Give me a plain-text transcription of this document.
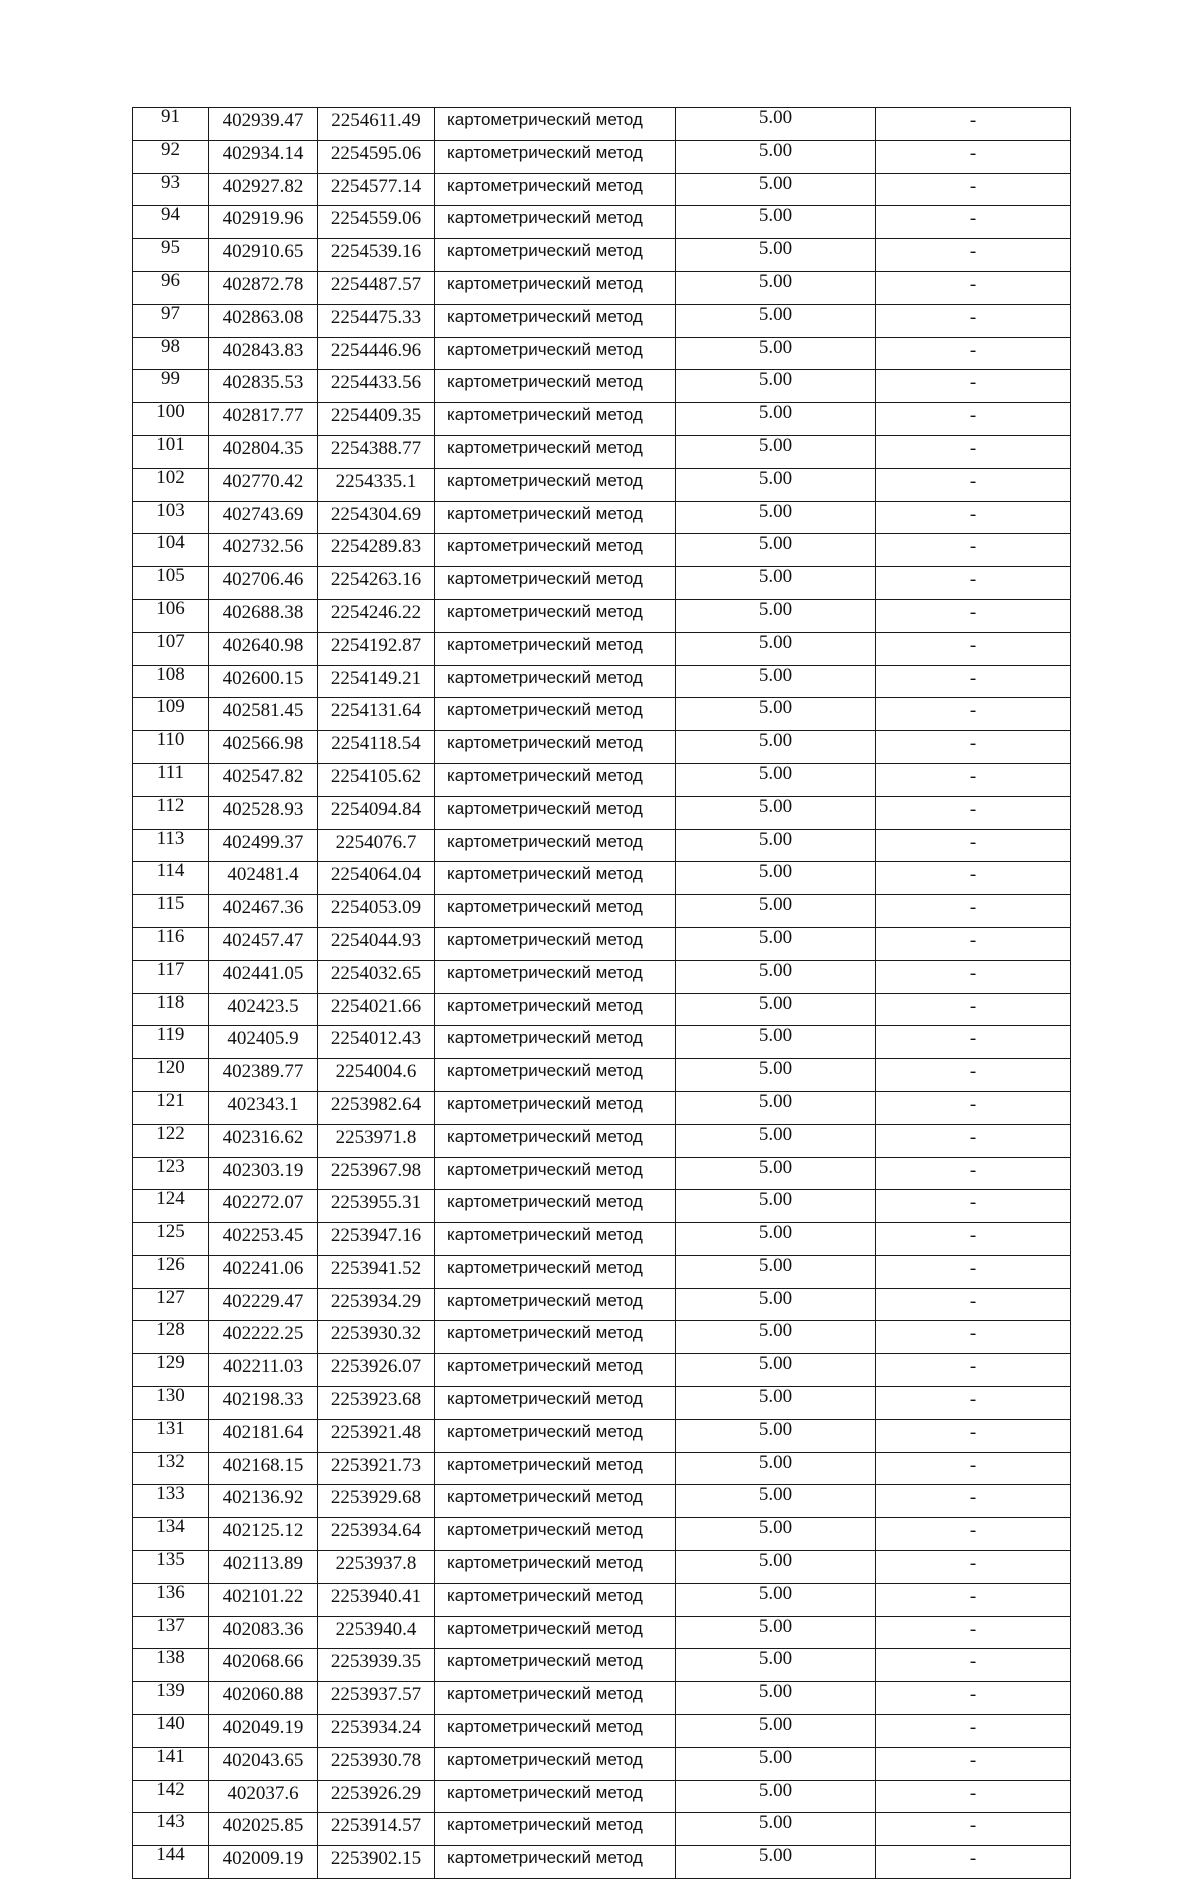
91	402939.47	2254611.49	картометрический метод	5.00	-
92	402934.14	2254595.06	картометрический метод	5.00	-
93	402927.82	2254577.14	картометрический метод	5.00	-
94	402919.96	2254559.06	картометрический метод	5.00	-
95	402910.65	2254539.16	картометрический метод	5.00	-
96	402872.78	2254487.57	картометрический метод	5.00	-
97	402863.08	2254475.33	картометрический метод	5.00	-
98	402843.83	2254446.96	картометрический метод	5.00	-
99	402835.53	2254433.56	картометрический метод	5.00	-
100	402817.77	2254409.35	картометрический метод	5.00	-
101	402804.35	2254388.77	картометрический метод	5.00	-
102	402770.42	2254335.1	картометрический метод	5.00	-
103	402743.69	2254304.69	картометрический метод	5.00	-
104	402732.56	2254289.83	картометрический метод	5.00	-
105	402706.46	2254263.16	картометрический метод	5.00	-
106	402688.38	2254246.22	картометрический метод	5.00	-
107	402640.98	2254192.87	картометрический метод	5.00	-
108	402600.15	2254149.21	картометрический метод	5.00	-
109	402581.45	2254131.64	картометрический метод	5.00	-
110	402566.98	2254118.54	картометрический метод	5.00	-
111	402547.82	2254105.62	картометрический метод	5.00	-
112	402528.93	2254094.84	картометрический метод	5.00	-
113	402499.37	2254076.7	картометрический метод	5.00	-
114	402481.4	2254064.04	картометрический метод	5.00	-
115	402467.36	2254053.09	картометрический метод	5.00	-
116	402457.47	2254044.93	картометрический метод	5.00	-
117	402441.05	2254032.65	картометрический метод	5.00	-
118	402423.5	2254021.66	картометрический метод	5.00	-
119	402405.9	2254012.43	картометрический метод	5.00	-
120	402389.77	2254004.6	картометрический метод	5.00	-
121	402343.1	2253982.64	картометрический метод	5.00	-
122	402316.62	2253971.8	картометрический метод	5.00	-
123	402303.19	2253967.98	картометрический метод	5.00	-
124	402272.07	2253955.31	картометрический метод	5.00	-
125	402253.45	2253947.16	картометрический метод	5.00	-
126	402241.06	2253941.52	картометрический метод	5.00	-
127	402229.47	2253934.29	картометрический метод	5.00	-
128	402222.25	2253930.32	картометрический метод	5.00	-
129	402211.03	2253926.07	картометрический метод	5.00	-
130	402198.33	2253923.68	картометрический метод	5.00	-
131	402181.64	2253921.48	картометрический метод	5.00	-
132	402168.15	2253921.73	картометрический метод	5.00	-
133	402136.92	2253929.68	картометрический метод	5.00	-
134	402125.12	2253934.64	картометрический метод	5.00	-
135	402113.89	2253937.8	картометрический метод	5.00	-
136	402101.22	2253940.41	картометрический метод	5.00	-
137	402083.36	2253940.4	картометрический метод	5.00	-
138	402068.66	2253939.35	картометрический метод	5.00	-
139	402060.88	2253937.57	картометрический метод	5.00	-
140	402049.19	2253934.24	картометрический метод	5.00	-
141	402043.65	2253930.78	картометрический метод	5.00	-
142	402037.6	2253926.29	картометрический метод	5.00	-
143	402025.85	2253914.57	картометрический метод	5.00	-
144	402009.19	2253902.15	картометрический метод	5.00	-
